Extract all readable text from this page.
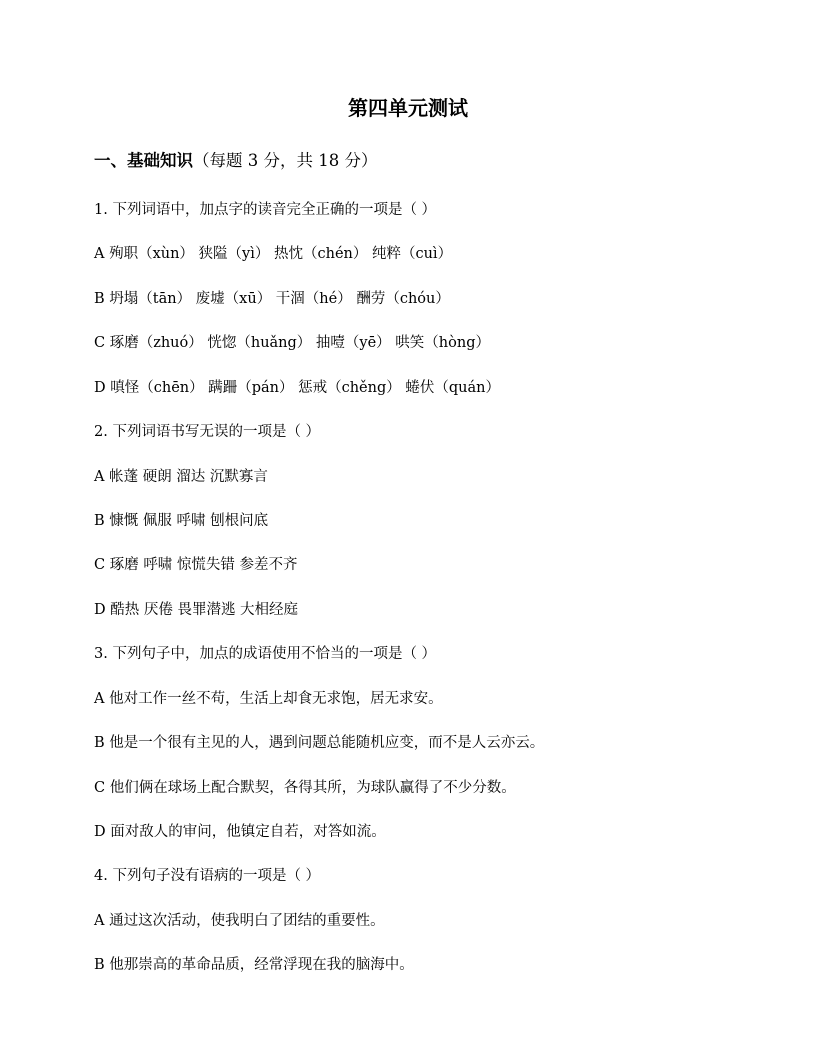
第四单元测试
一、基础知识（每题 3 分，共 18 分）
1. 下列词语中，加点字的读音完全正确的一项是（ ）
A 殉职（xùn） 狭隘（yì） 热忱（chén） 纯粹（cuì）
B 坍塌（tān） 废墟（xū） 干涸（hé） 酬劳（chóu）
C 琢磨（zhuó） 恍惚（huǎng） 抽噎（yē） 哄笑（hòng）
D 嗔怪（chēn） 蹒跚（pán） 惩戒（chěng） 蜷伏（quán）
2. 下列词语书写无误的一项是（ ）
A 帐蓬 硬朗 溜达 沉默寡言
B 慷慨 佩服 呼啸 刨根问底
C 琢磨 呼啸 惊慌失错 参差不齐
D 酷热 厌倦 畏罪潜逃 大相经庭
3. 下列句子中，加点的成语使用不恰当的一项是（ ）
A 他对工作一丝不苟，生活上却食无求饱，居无求安。
B 他是一个很有主见的人，遇到问题总能随机应变，而不是人云亦云。
C 他们俩在球场上配合默契，各得其所，为球队赢得了不少分数。
D 面对敌人的审问，他镇定自若，对答如流。
4. 下列句子没有语病的一项是（ ）
A 通过这次活动，使我明白了团结的重要性。
B 他那崇高的革命品质，经常浮现在我的脑海中。
